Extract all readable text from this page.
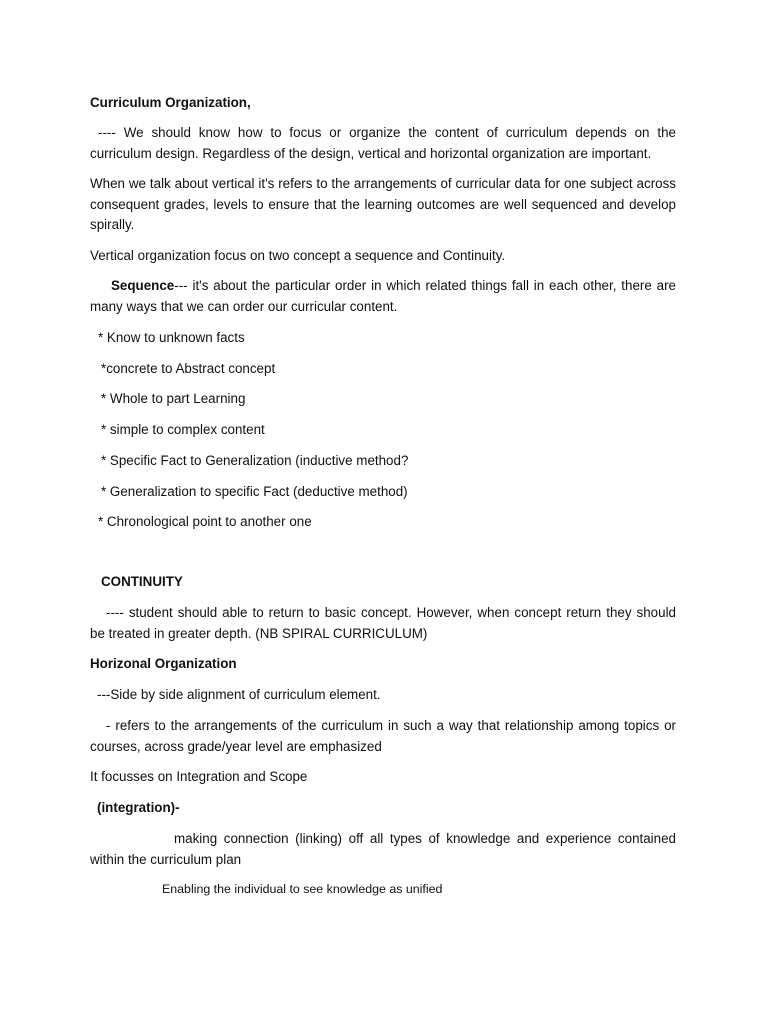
Curriculum Organization,

---- We should know how to focus or organize the content of curriculum depends on the curriculum design. Regardless of the design, vertical and horizontal organization are important.

When we talk about vertical it's refers to the arrangements of curricular data for one subject across consequent grades, levels to ensure that the learning outcomes are well sequenced and develop spirally.

Vertical organization focus on two concept a sequence and Continuity.

Sequence--- it's about the particular order in which related things fall in each other, there are many ways that we can order our curricular content.

* Know to unknown facts

*concrete to Abstract concept

* Whole to part Learning

* simple to complex content

* Specific Fact to Generalization (inductive method?

* Generalization to specific Fact (deductive method)

* Chronological point to another one

CONTINUITY

---- student should able to return to basic concept. However, when concept return they should be treated in greater depth. (NB SPIRAL CURRICULUM)

Horizonal Organization

---Side by side alignment of curriculum element.

- refers to the arrangements of the curriculum in such a way that relationship among topics or courses, across grade/year level are emphasized

It focusses on Integration and Scope

(integration)-

making connection (linking) off all types of knowledge and experience contained within the curriculum plan

Enabling the individual to see knowledge as unified
